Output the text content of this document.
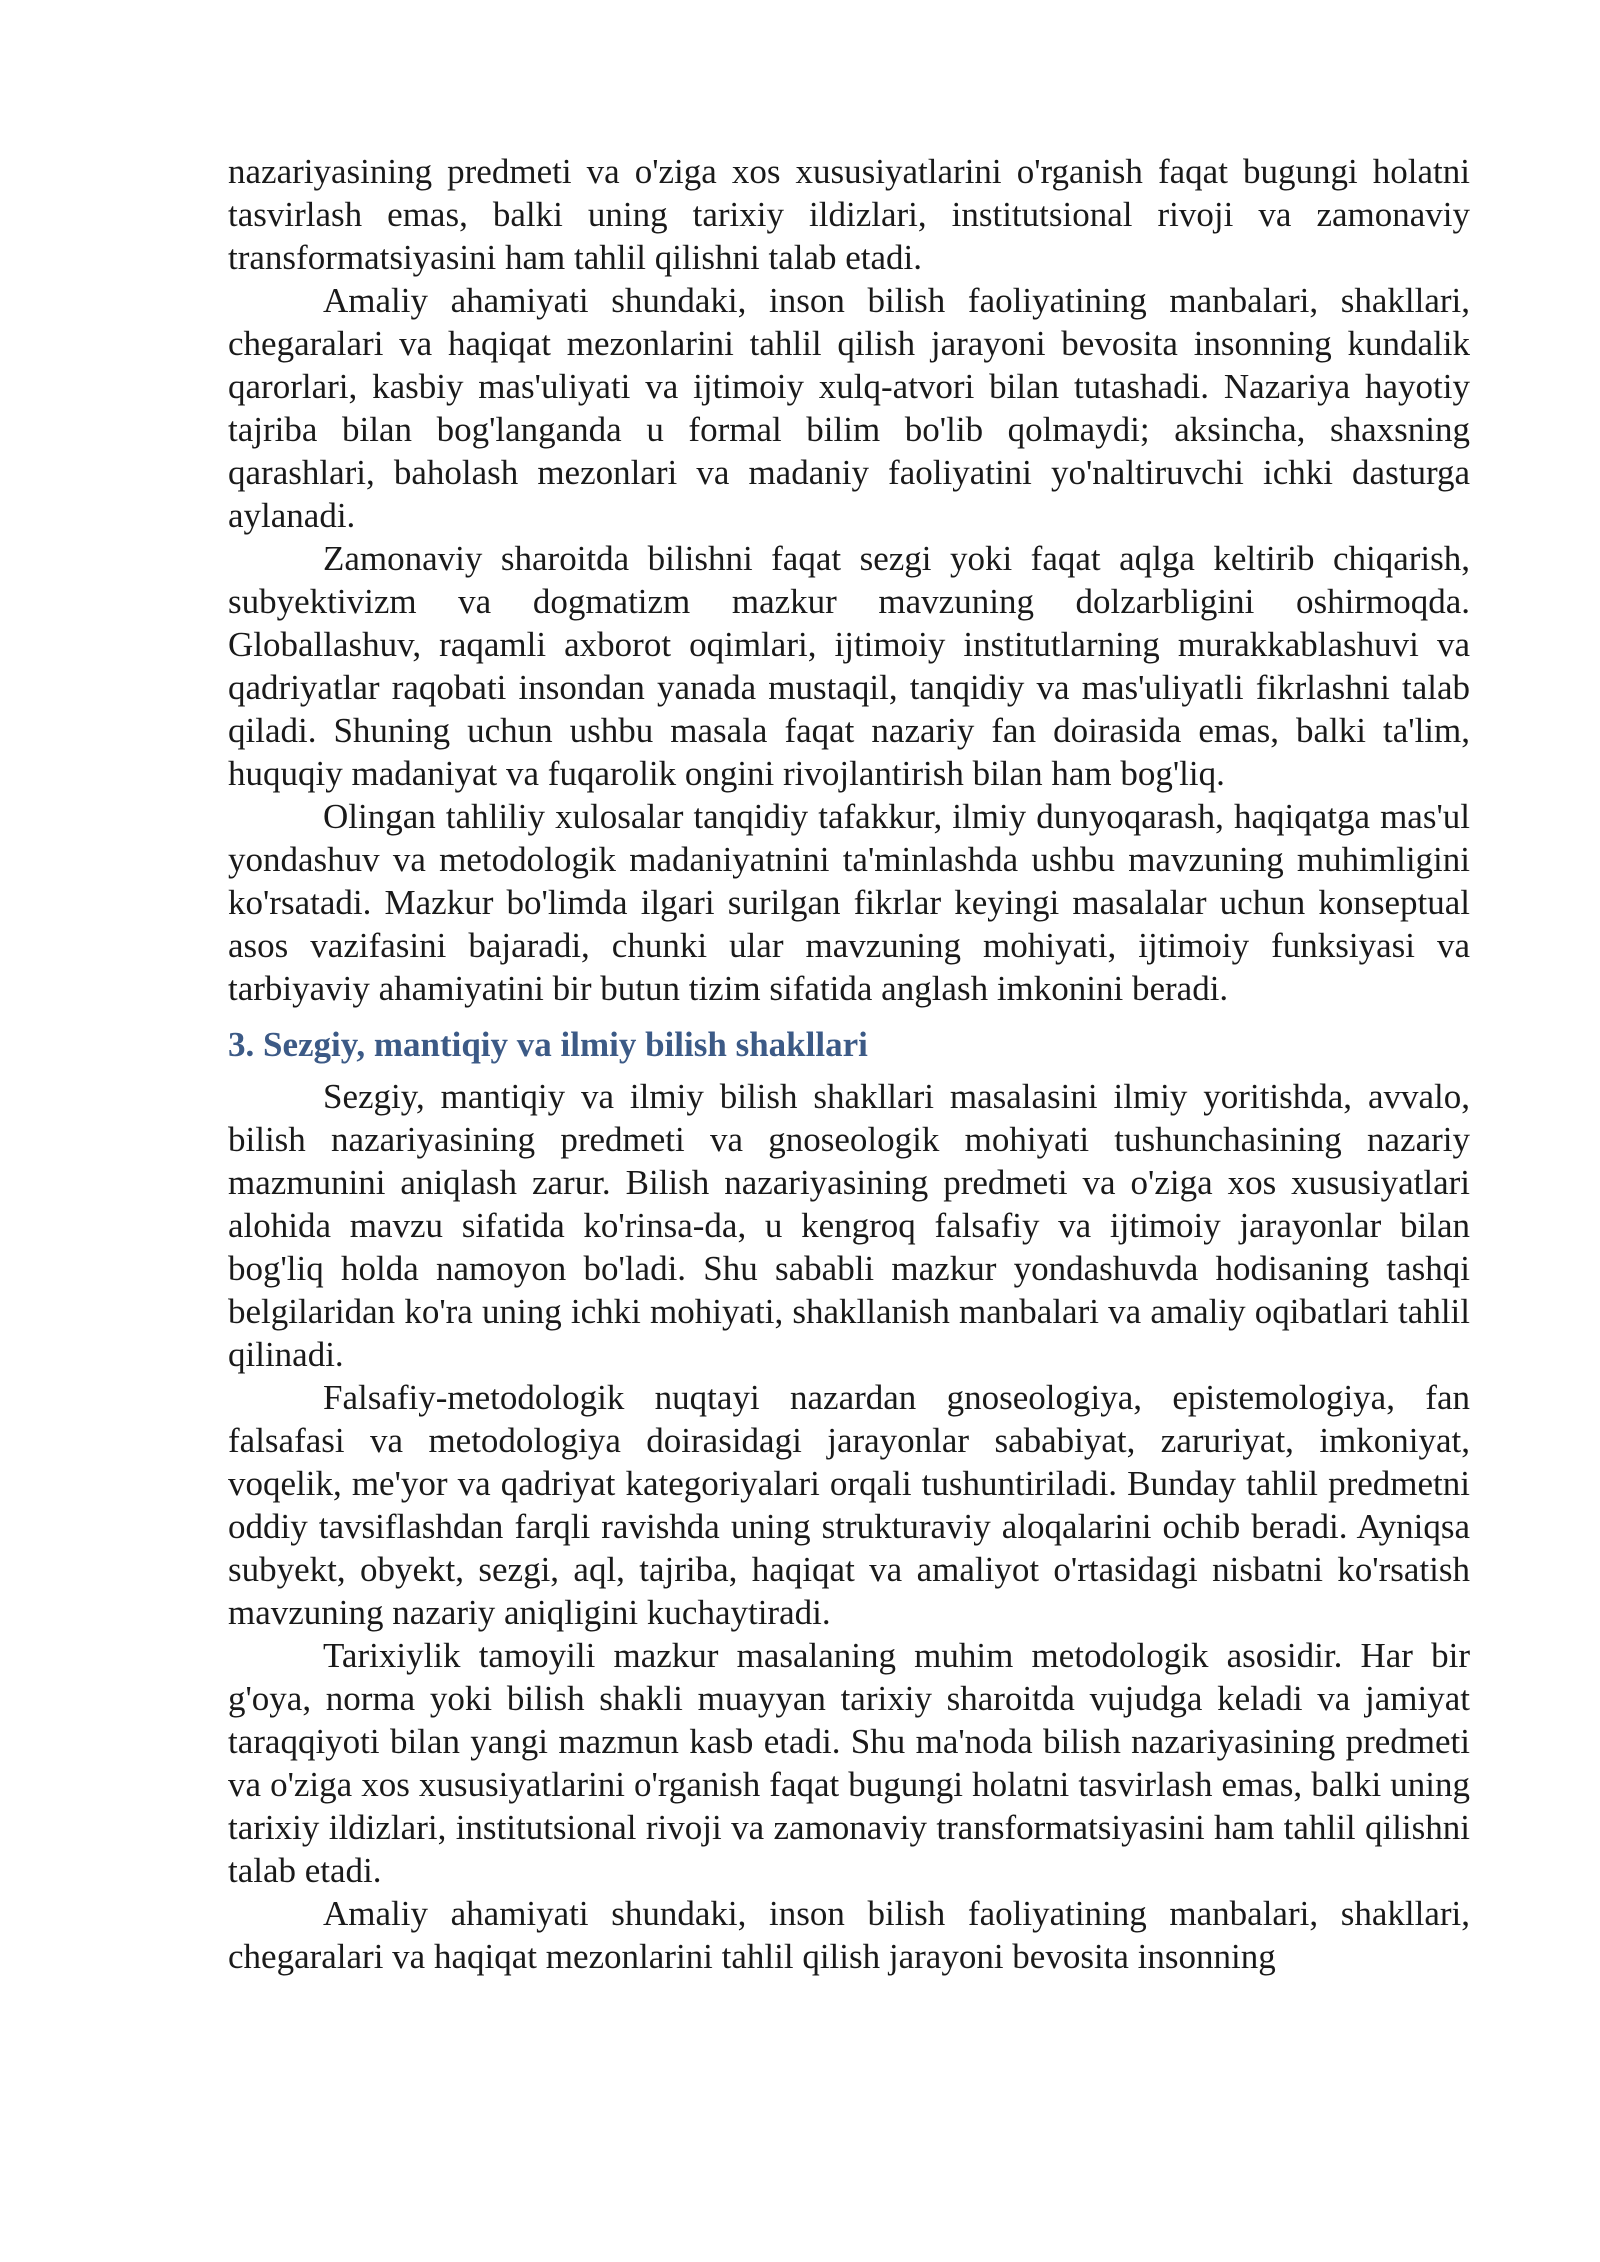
nazariyasining predmeti va o'ziga xos xususiyatlarini o'rganish faqat bugungi holatni tasvirlash emas, balki uning tarixiy ildizlari, institutsional rivoji va zamonaviy transformatsiyasini ham tahlil qilishni talab etadi.

Amaliy ahamiyati shundaki, inson bilish faoliyatining manbalari, shakllari, chegaralari va haqiqat mezonlarini tahlil qilish jarayoni bevosita insonning kundalik qarorlari, kasbiy mas'uliyati va ijtimoiy xulq-atvori bilan tutashadi. Nazariya hayotiy tajriba bilan bog'langanda u formal bilim bo'lib qolmaydi; aksincha, shaxsning qarashlari, baholash mezonlari va madaniy faoliyatini yo'naltiruvchi ichki dasturga aylanadi.

Zamonaviy sharoitda bilishni faqat sezgi yoki faqat aqlga keltirib chiqarish, subyektivizm va dogmatizm mazkur mavzuning dolzarbligini oshirmoqda. Globallashuv, raqamli axborot oqimlari, ijtimoiy institutlarning murakkablashuvi va qadriyatlar raqobati insondan yanada mustaqil, tanqidiy va mas'uliyatli fikrlashni talab qiladi. Shuning uchun ushbu masala faqat nazariy fan doirasida emas, balki ta'lim, huquqiy madaniyat va fuqarolik ongini rivojlantirish bilan ham bog'liq.

Olingan tahliliy xulosalar tanqidiy tafakkur, ilmiy dunyoqarash, haqiqatga mas'ul yondashuv va metodologik madaniyatnini ta'minlashda ushbu mavzuning muhimligini ko'rsatadi. Mazkur bo'limda ilgari surilgan fikrlar keyingi masalalar uchun konseptual asos vazifasini bajaradi, chunki ular mavzuning mohiyati, ijtimoiy funksiyasi va tarbiyaviy ahamiyatini bir butun tizim sifatida anglash imkonini beradi.

3. Sezgiy, mantiqiy va ilmiy bilish shakllari

Sezgiy, mantiqiy va ilmiy bilish shakllari masalasini ilmiy yoritishda, avvalo, bilish nazariyasining predmeti va gnoseologik mohiyati tushunchasining nazariy mazmunini aniqlash zarur. Bilish nazariyasining predmeti va o'ziga xos xususiyatlari alohida mavzu sifatida ko'rinsa-da, u kengroq falsafiy va ijtimoiy jarayonlar bilan bog'liq holda namoyon bo'ladi. Shu sababli mazkur yondashuvda hodisaning tashqi belgilaridan ko'ra uning ichki mohiyati, shakllanish manbalari va amaliy oqibatlari tahlil qilinadi.

Falsafiy-metodologik nuqtayi nazardan gnoseologiya, epistemologiya, fan falsafasi va metodologiya doirasidagi jarayonlar sababiyat, zaruriyat, imkoniyat, voqelik, me'yor va qadriyat kategoriyalari orqali tushuntiriladi. Bunday tahlil predmetni oddiy tavsiflashdan farqli ravishda uning strukturaviy aloqalarini ochib beradi. Ayniqsa subyekt, obyekt, sezgi, aql, tajriba, haqiqat va amaliyot o'rtasidagi nisbatni ko'rsatish mavzuning nazariy aniqligini kuchaytiradi.

Tarixiylik tamoyili mazkur masalaning muhim metodologik asosidir. Har bir g'oya, norma yoki bilish shakli muayyan tarixiy sharoitda vujudga keladi va jamiyat taraqqiyoti bilan yangi mazmun kasb etadi. Shu ma'noda bilish nazariyasining predmeti va o'ziga xos xususiyatlarini o'rganish faqat bugungi holatni tasvirlash emas, balki uning tarixiy ildizlari, institutsional rivoji va zamonaviy transformatsiyasini ham tahlil qilishni talab etadi.

Amaliy ahamiyati shundaki, inson bilish faoliyatining manbalari, shakllari, chegaralari va haqiqat mezonlarini tahlil qilish jarayoni bevosita insonning
